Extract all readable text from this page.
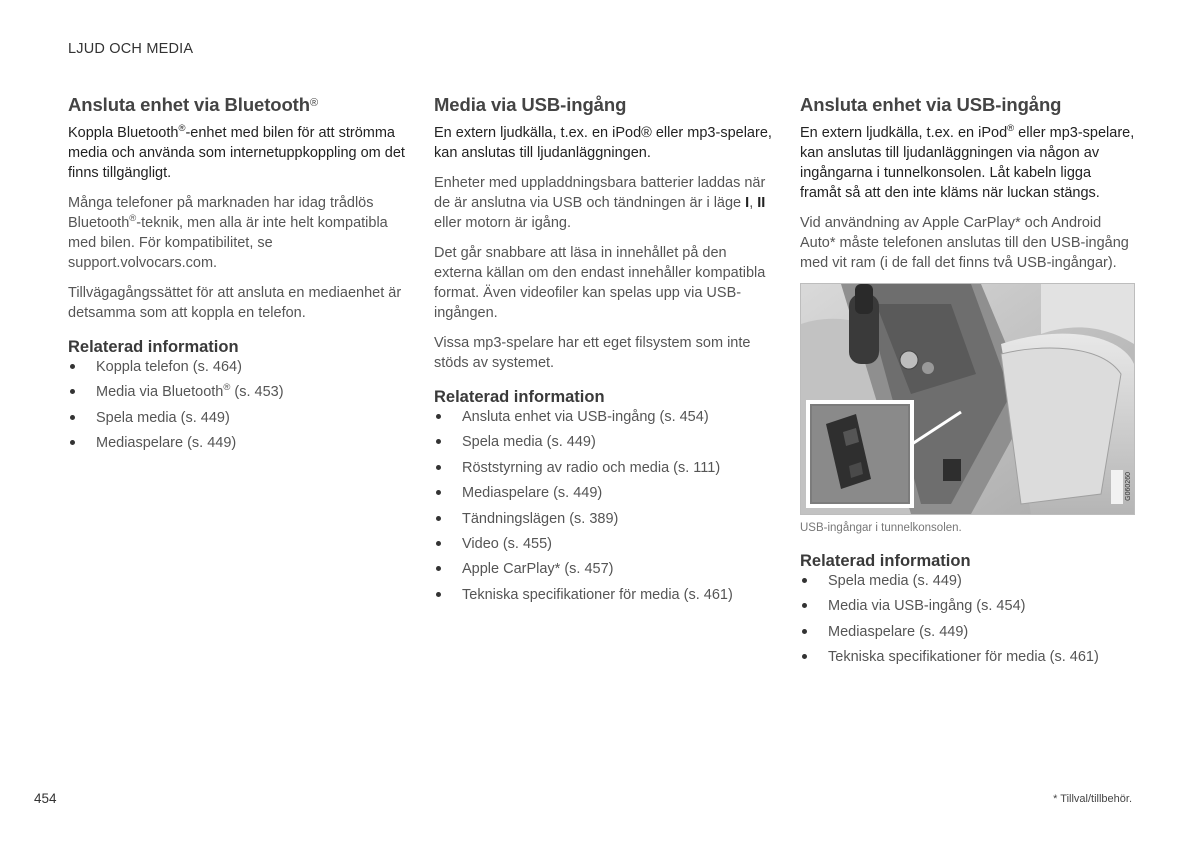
LJUD OCH MEDIA
Ansluta enhet via Bluetooth®

Koppla Bluetooth®-enhet med bilen för att strömma media och använda som internetuppkoppling om det finns tillgängligt.

Många telefoner på marknaden har idag trådlös Bluetooth®-teknik, men alla är inte helt kompatibla med bilen. För kompatibilitet, se support.volvocars.com.

Tillvägagångssättet för att ansluta en mediaenhet är detsamma som att koppla en telefon.

Relaterad information
Koppla telefon (s. 464)
Media via Bluetooth® (s. 453)
Spela media (s. 449)
Mediaspelare (s. 449)
Media via USB-ingång

En extern ljudkälla, t.ex. en iPod® eller mp3-spelare, kan anslutas till ljudanläggningen.

Enheter med uppladdningsbara batterier laddas när de är anslutna via USB och tändningen är i läge I, II eller motorn är igång.

Det går snabbare att läsa in innehållet på den externa källan om den endast innehåller kompatibla format. Även videofiler kan spelas upp via USB-ingången.

Vissa mp3-spelare har ett eget filsystem som inte stöds av systemet.

Relaterad information
Ansluta enhet via USB-ingång (s. 454)
Spela media (s. 449)
Röststyrning av radio och media (s. 111)
Mediaspelare (s. 449)
Tändningslägen (s. 389)
Video (s. 455)
Apple CarPlay* (s. 457)
Tekniska specifikationer för media (s. 461)
Ansluta enhet via USB-ingång

En extern ljudkälla, t.ex. en iPod® eller mp3-spelare, kan anslutas till ljudanläggningen via någon av ingångarna i tunnelkonsolen. Låt kabeln ligga framåt så att den inte kläms när luckan stängs.

Vid användning av Apple CarPlay* och Android Auto* måste telefonen anslutas till den USB-ingång med vit ram (i de fall det finns två USB-ingångar).

G060260
USB-ingångar i tunnelkonsolen.
Relaterad information
Spela media (s. 449)
Media via USB-ingång (s. 454)
Mediaspelare (s. 449)
Tekniska specifikationer för media (s. 461)
454	* Tillval/tillbehör.
